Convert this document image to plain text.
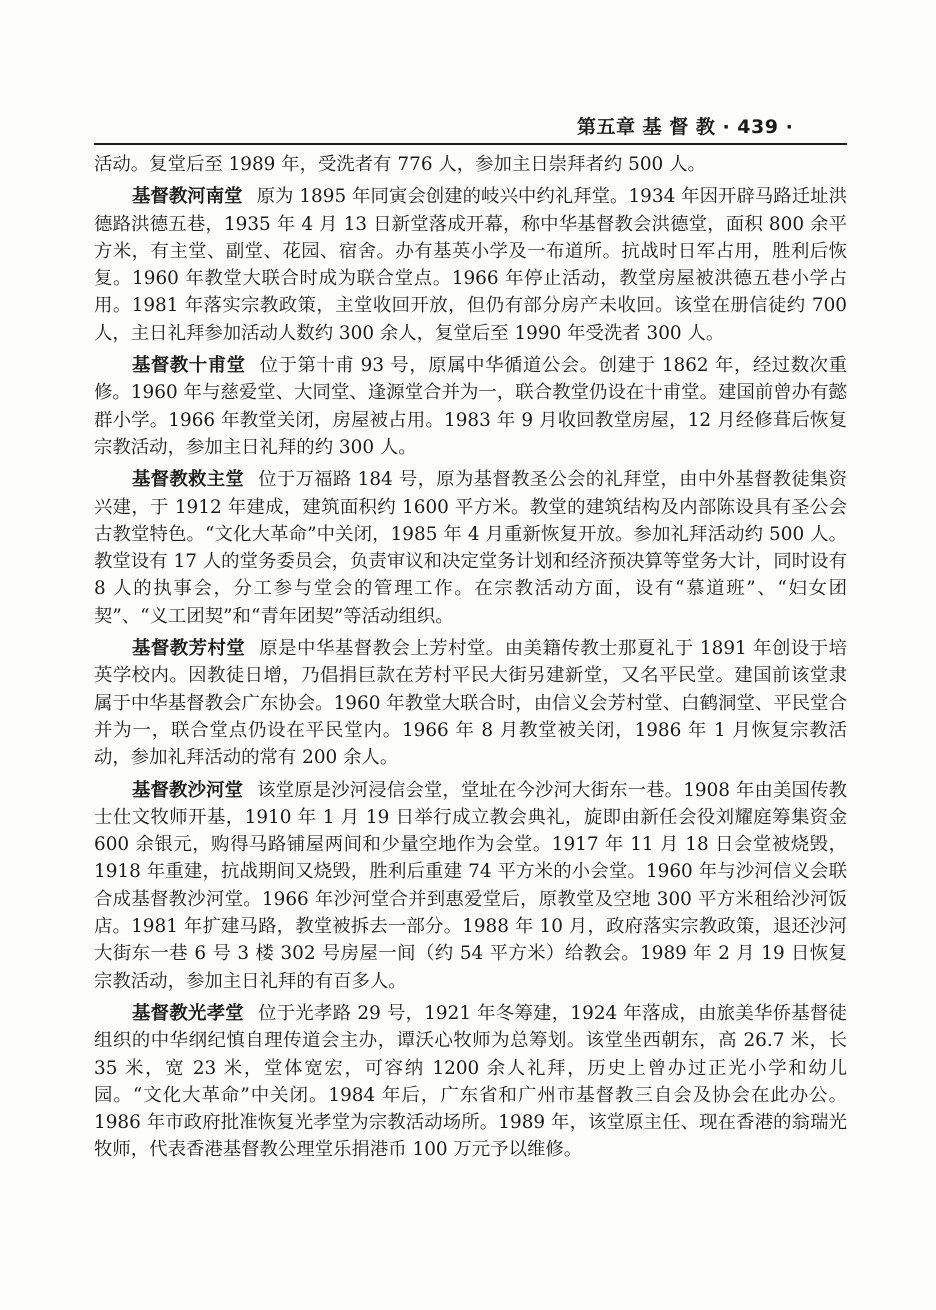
第五章 基 督 教 · 439 ·

活动。复堂后至 1989 年，受洗者有 776 人，参加主日崇拜者约 500 人。

基督教河南堂 原为 1895 年同寅会创建的岐兴中约礼拜堂。1934 年因开辟马路迁址洪德路洪德五巷，1935 年 4 月 13 日新堂落成开幕，称中华基督教会洪德堂，面积 800 余平方米，有主堂、副堂、花园、宿舍。办有基英小学及一布道所。抗战时日军占用，胜利后恢复。1960 年教堂大联合时成为联合堂点。1966 年停止活动，教堂房屋被洪德五巷小学占用。1981 年落实宗教政策，主堂收回开放，但仍有部分房产未收回。该堂在册信徒约 700 人，主日礼拜参加活动人数约 300 余人，复堂后至 1990 年受洗者 300 人。

基督教十甫堂 位于第十甫 93 号，原属中华循道公会。创建于 1862 年，经过数次重修。1960 年与慈爱堂、大同堂、逢源堂合并为一，联合教堂仍设在十甫堂。建国前曾办有懿群小学。1966 年教堂关闭，房屋被占用。1983 年 9 月收回教堂房屋，12 月经修葺后恢复宗教活动，参加主日礼拜的约 300 人。

基督教救主堂 位于万福路 184 号，原为基督教圣公会的礼拜堂，由中外基督教徒集资兴建，于 1912 年建成，建筑面积约 1600 平方米。教堂的建筑结构及内部陈设具有圣公会古教堂特色。“文化大革命”中关闭，1985 年 4 月重新恢复开放。参加礼拜活动约 500 人。教堂设有 17 人的堂务委员会，负责审议和决定堂务计划和经济预决算等堂务大计，同时设有 8 人的执事会，分工参与堂会的管理工作。在宗教活动方面，设有“慕道班”、“妇女团契”、“义工团契”和“青年团契”等活动组织。

基督教芳村堂 原是中华基督教会上芳村堂。由美籍传教士那夏礼于 1891 年创设于培英学校内。因教徒日增，乃倡捐巨款在芳村平民大街另建新堂，又名平民堂。建国前该堂隶属于中华基督教会广东协会。1960 年教堂大联合时，由信义会芳村堂、白鹤洞堂、平民堂合并为一，联合堂点仍设在平民堂内。1966 年 8 月教堂被关闭，1986 年 1 月恢复宗教活动，参加礼拜活动的常有 200 余人。

基督教沙河堂 该堂原是沙河浸信会堂，堂址在今沙河大街东一巷。1908 年由美国传教士仕文牧师开基，1910 年 1 月 19 日举行成立教会典礼，旋即由新任会役刘耀庭筹集资金 600 余银元，购得马路铺屋两间和少量空地作为会堂。1917 年 11 月 18 日会堂被烧毁，1918 年重建，抗战期间又烧毁，胜利后重建 74 平方米的小会堂。1960 年与沙河信义会联合成基督教沙河堂。1966 年沙河堂合并到惠爱堂后，原教堂及空地 300 平方米租给沙河饭店。1981 年扩建马路，教堂被拆去一部分。1988 年 10 月，政府落实宗教政策，退还沙河大街东一巷 6 号 3 楼 302 号房屋一间（约 54 平方米）给教会。1989 年 2 月 19 日恢复宗教活动，参加主日礼拜的有百多人。

基督教光孝堂 位于光孝路 29 号，1921 年冬筹建，1924 年落成，由旅美华侨基督徒组织的中华纲纪慎自理传道会主办，谭沃心牧师为总筹划。该堂坐西朝东，高 26.7 米，长 35 米，宽 23 米，堂体宽宏，可容纳 1200 余人礼拜，历史上曾办过正光小学和幼儿园。“文化大革命”中关闭。1984 年后，广东省和广州市基督教三自会及协会在此办公。1986 年市政府批准恢复光孝堂为宗教活动场所。1989 年，该堂原主任、现在香港的翁瑞光牧师，代表香港基督教公理堂乐捐港币 100 万元予以维修。
